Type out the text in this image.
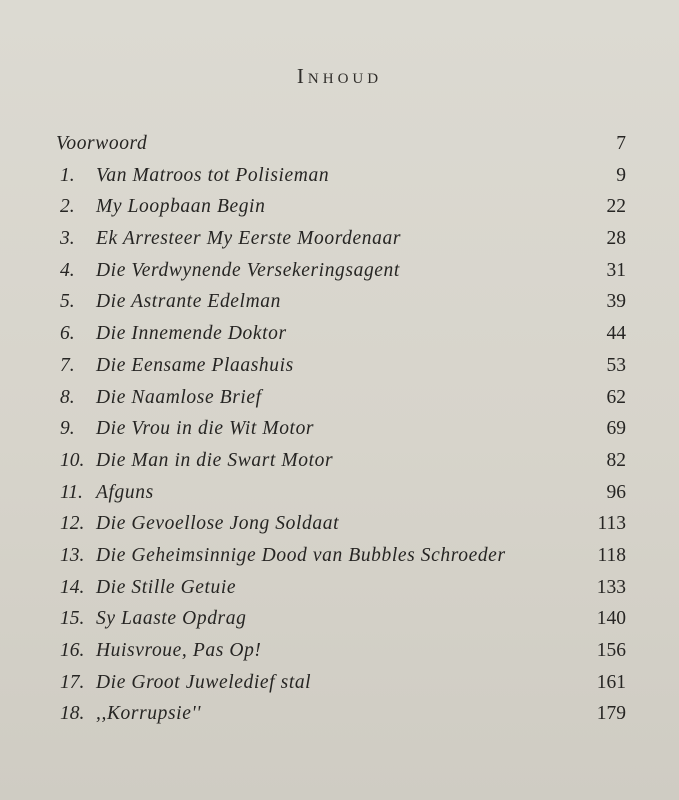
Inhoud
Voorwoord	7
1.	Van Matroos tot Polisieman	9
2.	My Loopbaan Begin	22
3.	Ek Arresteer My Eerste Moordenaar	28
4.	Die Verdwynende Versekeringsagent	31
5.	Die Astrante Edelman	39
6.	Die Innemende Doktor	44
7.	Die Eensame Plaashuis	53
8.	Die Naamlose Brief	62
9.	Die Vrou in die Wit Motor	69
10. Die Man in die Swart Motor	82
11. Afguns	96
12. Die Gevoellose Jong Soldaat	113
13. Die Geheimsinnige Dood van Bubbles Schroeder	118
14. Die Stille Getuie	133
15. Sy Laaste Opdrag	140
16. Huisvroue, Pas Op!	156
17. Die Groot Juweledief stal	161
18. ,,Korrupsie''	179
